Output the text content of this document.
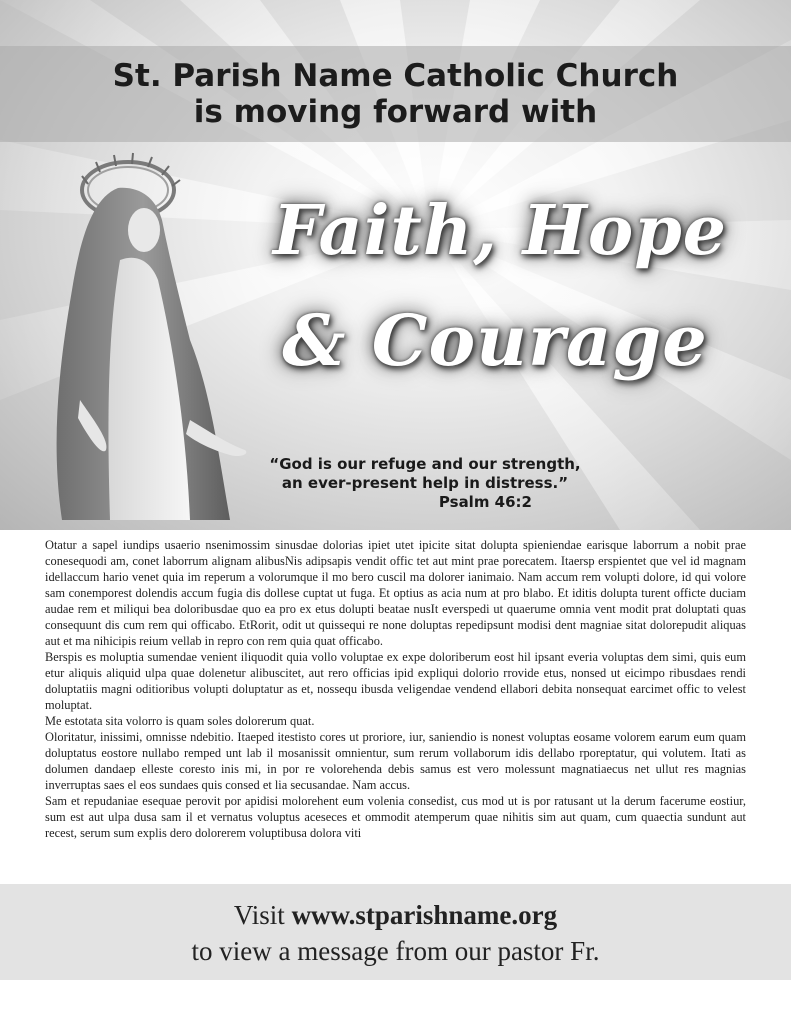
St. Parish Name Catholic Church
is moving forward with
Faith, Hope
& Courage
“God is our refuge and our strength,
an ever-present help in distress.”
Psalm 46:2

Otatur a sapel iundips usaerio nsenimossim sinusdae dolorias ipiet utet ipicite sitat dolupta spieniendae earisque laborrum a nobit prae conesequodi am, conet laborrum alignam alibusNis adipsapis vendit offic tet aut mint prae porecatem. Itaersp erspientet que vel id magnam idellaccum hario venet quia im reperum a volorumque il mo bero cuscil ma dolorer ianimaio. Nam accum rem volupti dolore, id qui volore sam conemporest dolendis accum fugia dis dollese cuptat ut fuga. Et optius as acia num at pro blabo. Et iditis dolupta turent officte duciam audae rem et miliqui bea doloribusdae quo ea pro ex etus dolupti beatae nusIt everspedi ut quaerume omnia vent modit prat doluptati quas consequunt dis cum rem qui officabo. EtRorit, odit ut quissequi re none doluptas repedipsunt modisi dent magniae sitat dolorepudit aliquas aut et ma nihicipis reium vellab in repro con rem quia quat officabo.

Berspis es moluptia sumendae venient iliquodit quia vollo voluptae ex expe doloriberum eost hil ipsant everia voluptas dem simi, quis eum etur aliquis aliquid ulpa quae dolenetur alibuscitet, aut rero officias ipid expliqui dolorio rrovide etus, nonsed ut eicimpo ribusdaes rendi doluptatiis magni oditioribus volupti doluptatur as et, nossequ ibusda veligendae vendend ellabori debita nonsequat earcimet offic to velest moluptat.

Me estotata sita volorro is quam soles dolorerum quat.

Oloritatur, inissimi, omnisse ndebitio. Itaeped itestisto cores ut proriore, iur, saniendio is nonest voluptas eosame volorem earum eum quam doluptatus eostore nullabo remped unt lab il mosanissit omnientur, sum rerum vollaborum idis dellabo rporeptatur, qui volutem. Itati as dolumen dandaep elleste coresto inis mi, in por re volorehenda debis samus est vero molessunt magnatiaecus net ullut res magnias inverruptas saes el eos sundaes quis consed et lia secusandae. Nam accus.

Sam et repudaniae esequae perovit por apidisi molorehent eum volenia consedist, cus mod ut is por ratusant ut la derum facerume eostiur, sum est aut ulpa dusa sam il et vernatus voluptus aceseces et ommodit atemperum quae nihitis sim aut quam, cum quaectia sundunt aut recest, serum sum explis dero dolorerem voluptibusa dolora viti

Visit www.stparishname.org
to view a message from our pastor Fr.
